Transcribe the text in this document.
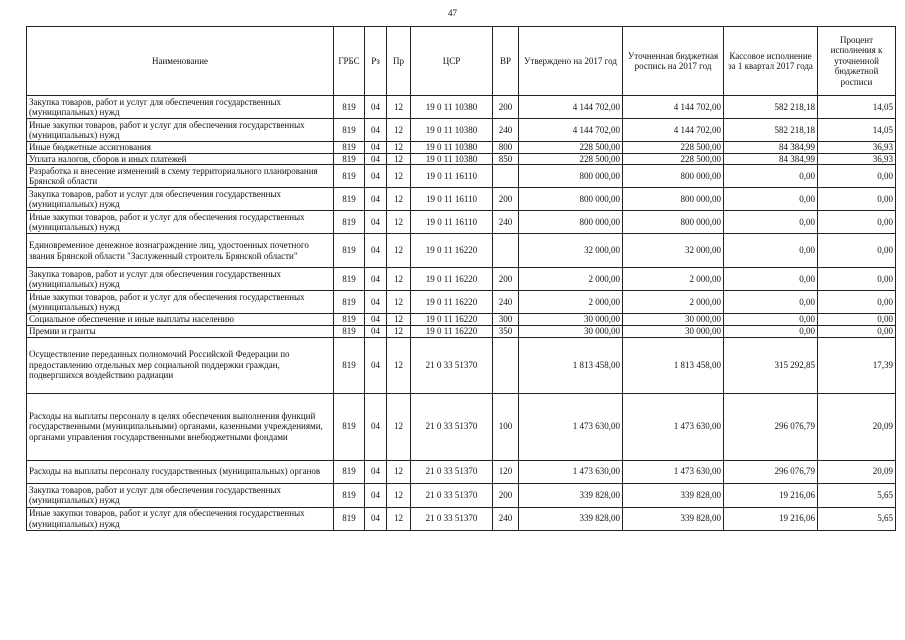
47
Наименование	ГРБС	Рз	Пр	ЦСР	ВР	Утверждено на 2017 год	Уточненная бюджетная роспись на 2017 год	Кассовое исполнение за 1 квартал 2017 года	Процент исполнения к уточненной бюджетной росписи
Закупка товаров, работ и услуг для обеспечения государственных (муниципальных) нужд	819	04	12	19 0 11 10380	200	4 144 702,00	4 144 702,00	582 218,18	14,05
Иные закупки товаров, работ и услуг для обеспечения государственных (муниципальных) нужд	819	04	12	19 0 11 10380	240	4 144 702,00	4 144 702,00	582 218,18	14,05
Иные бюджетные ассигнования	819	04	12	19 0 11 10380	800	228 500,00	228 500,00	84 384,99	36,93
Уплата налогов, сборов и иных платежей	819	04	12	19 0 11 10380	850	228 500,00	228 500,00	84 384,99	36,93
Разработка и внесение изменений в схему территориального планирования Брянской области	819	04	12	19 0 11 16110		800 000,00	800 000,00	0,00	0,00
Закупка товаров, работ и услуг для обеспечения государственных (муниципальных) нужд	819	04	12	19 0 11 16110	200	800 000,00	800 000,00	0,00	0,00
Иные закупки товаров, работ и услуг для обеспечения государственных (муниципальных) нужд	819	04	12	19 0 11 16110	240	800 000,00	800 000,00	0,00	0,00
Единовременное денежное вознаграждение лиц, удостоенных почетного звания Брянской области "Заслуженный строитель Брянской области"	819	04	12	19 0 11 16220		32 000,00	32 000,00	0,00	0,00
Закупка товаров, работ и услуг для обеспечения государственных (муниципальных) нужд	819	04	12	19 0 11 16220	200	2 000,00	2 000,00	0,00	0,00
Иные закупки товаров, работ и услуг для обеспечения государственных (муниципальных) нужд	819	04	12	19 0 11 16220	240	2 000,00	2 000,00	0,00	0,00
Социальное обеспечение и иные выплаты населению	819	04	12	19 0 11 16220	300	30 000,00	30 000,00	0,00	0,00
Премии и гранты	819	04	12	19 0 11 16220	350	30 000,00	30 000,00	0,00	0,00
Осуществление переданных полномочий Российской Федерации по предоставлению отдельных мер социальной поддержки граждан, подвергшихся воздействию радиации	819	04	12	21 0 33 51370		1 813 458,00	1 813 458,00	315 292,85	17,39
Расходы на выплаты персоналу в целях обеспечения выполнения функций государственными (муниципальными) органами, казенными учреждениями, органами управления государственными внебюджетными фондами	819	04	12	21 0 33 51370	100	1 473 630,00	1 473 630,00	296 076,79	20,09
Расходы на выплаты персоналу государственных (муниципальных) органов	819	04	12	21 0 33 51370	120	1 473 630,00	1 473 630,00	296 076,79	20,09
Закупка товаров, работ и услуг для обеспечения государственных (муниципальных) нужд	819	04	12	21 0 33 51370	200	339 828,00	339 828,00	19 216,06	5,65
Иные закупки товаров, работ и услуг для обеспечения государственных (муниципальных) нужд	819	04	12	21 0 33 51370	240	339 828,00	339 828,00	19 216,06	5,65
